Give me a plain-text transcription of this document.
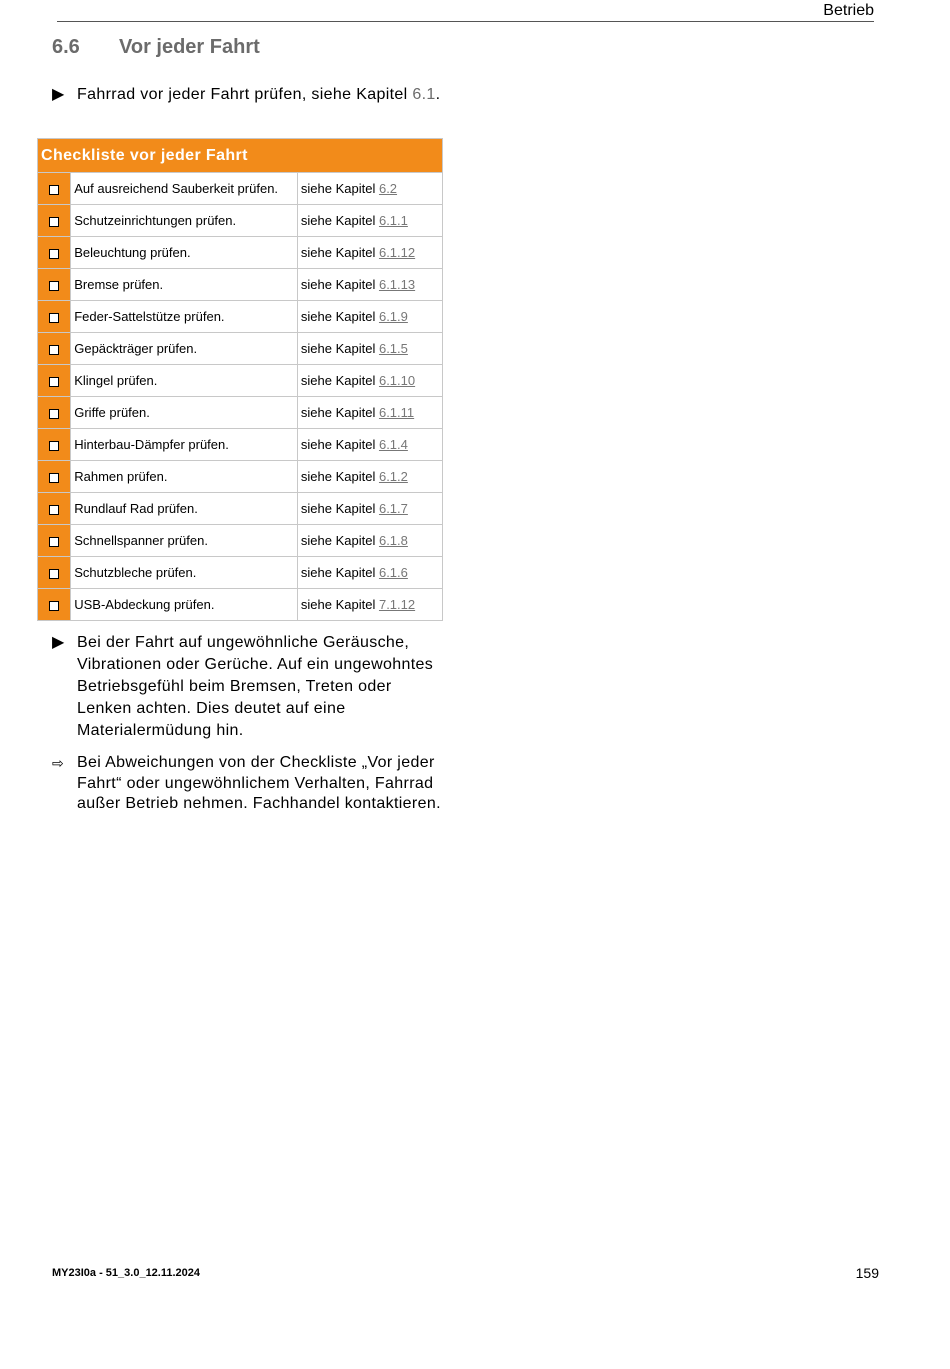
Betrieb
6.6 Vor jeder Fahrt
▶ Fahrrad vor jeder Fahrt prüfen, siehe Kapitel 6.1.
Checkliste vor jeder Fahrt		
	Auf ausreichend Sauberkeit prüfen.	siehe Kapitel 6.2
	Schutzeinrichtungen prüfen.	siehe Kapitel 6.1.1
	Beleuchtung prüfen.	siehe Kapitel 6.1.12
	Bremse prüfen.	siehe Kapitel 6.1.13
	Feder-Sattelstütze prüfen.	siehe Kapitel 6.1.9
	Gepäckträger prüfen.	siehe Kapitel 6.1.5
	Klingel prüfen.	siehe Kapitel 6.1.10
	Griffe prüfen.	siehe Kapitel 6.1.11
	Hinterbau-Dämpfer prüfen.	siehe Kapitel 6.1.4
	Rahmen prüfen.	siehe Kapitel 6.1.2
	Rundlauf Rad prüfen.	siehe Kapitel 6.1.7
	Schnellspanner prüfen.	siehe Kapitel 6.1.8
	Schutzbleche prüfen.	siehe Kapitel 6.1.6
	USB-Abdeckung prüfen.	siehe Kapitel 7.1.12
▶ Bei der Fahrt auf ungewöhnliche Geräusche, Vibrationen oder Gerüche. Auf ein ungewohntes Betriebsgefühl beim Bremsen, Treten oder Lenken achten. Dies deutet auf eine Materialermüdung hin.
⇨ Bei Abweichungen von der Checkliste „Vor jeder Fahrt“ oder ungewöhnlichem Verhalten, Fahrrad außer Betrieb nehmen. Fachhandel kontaktieren.
MY23I0a - 51_3.0_12.11.2024	159
